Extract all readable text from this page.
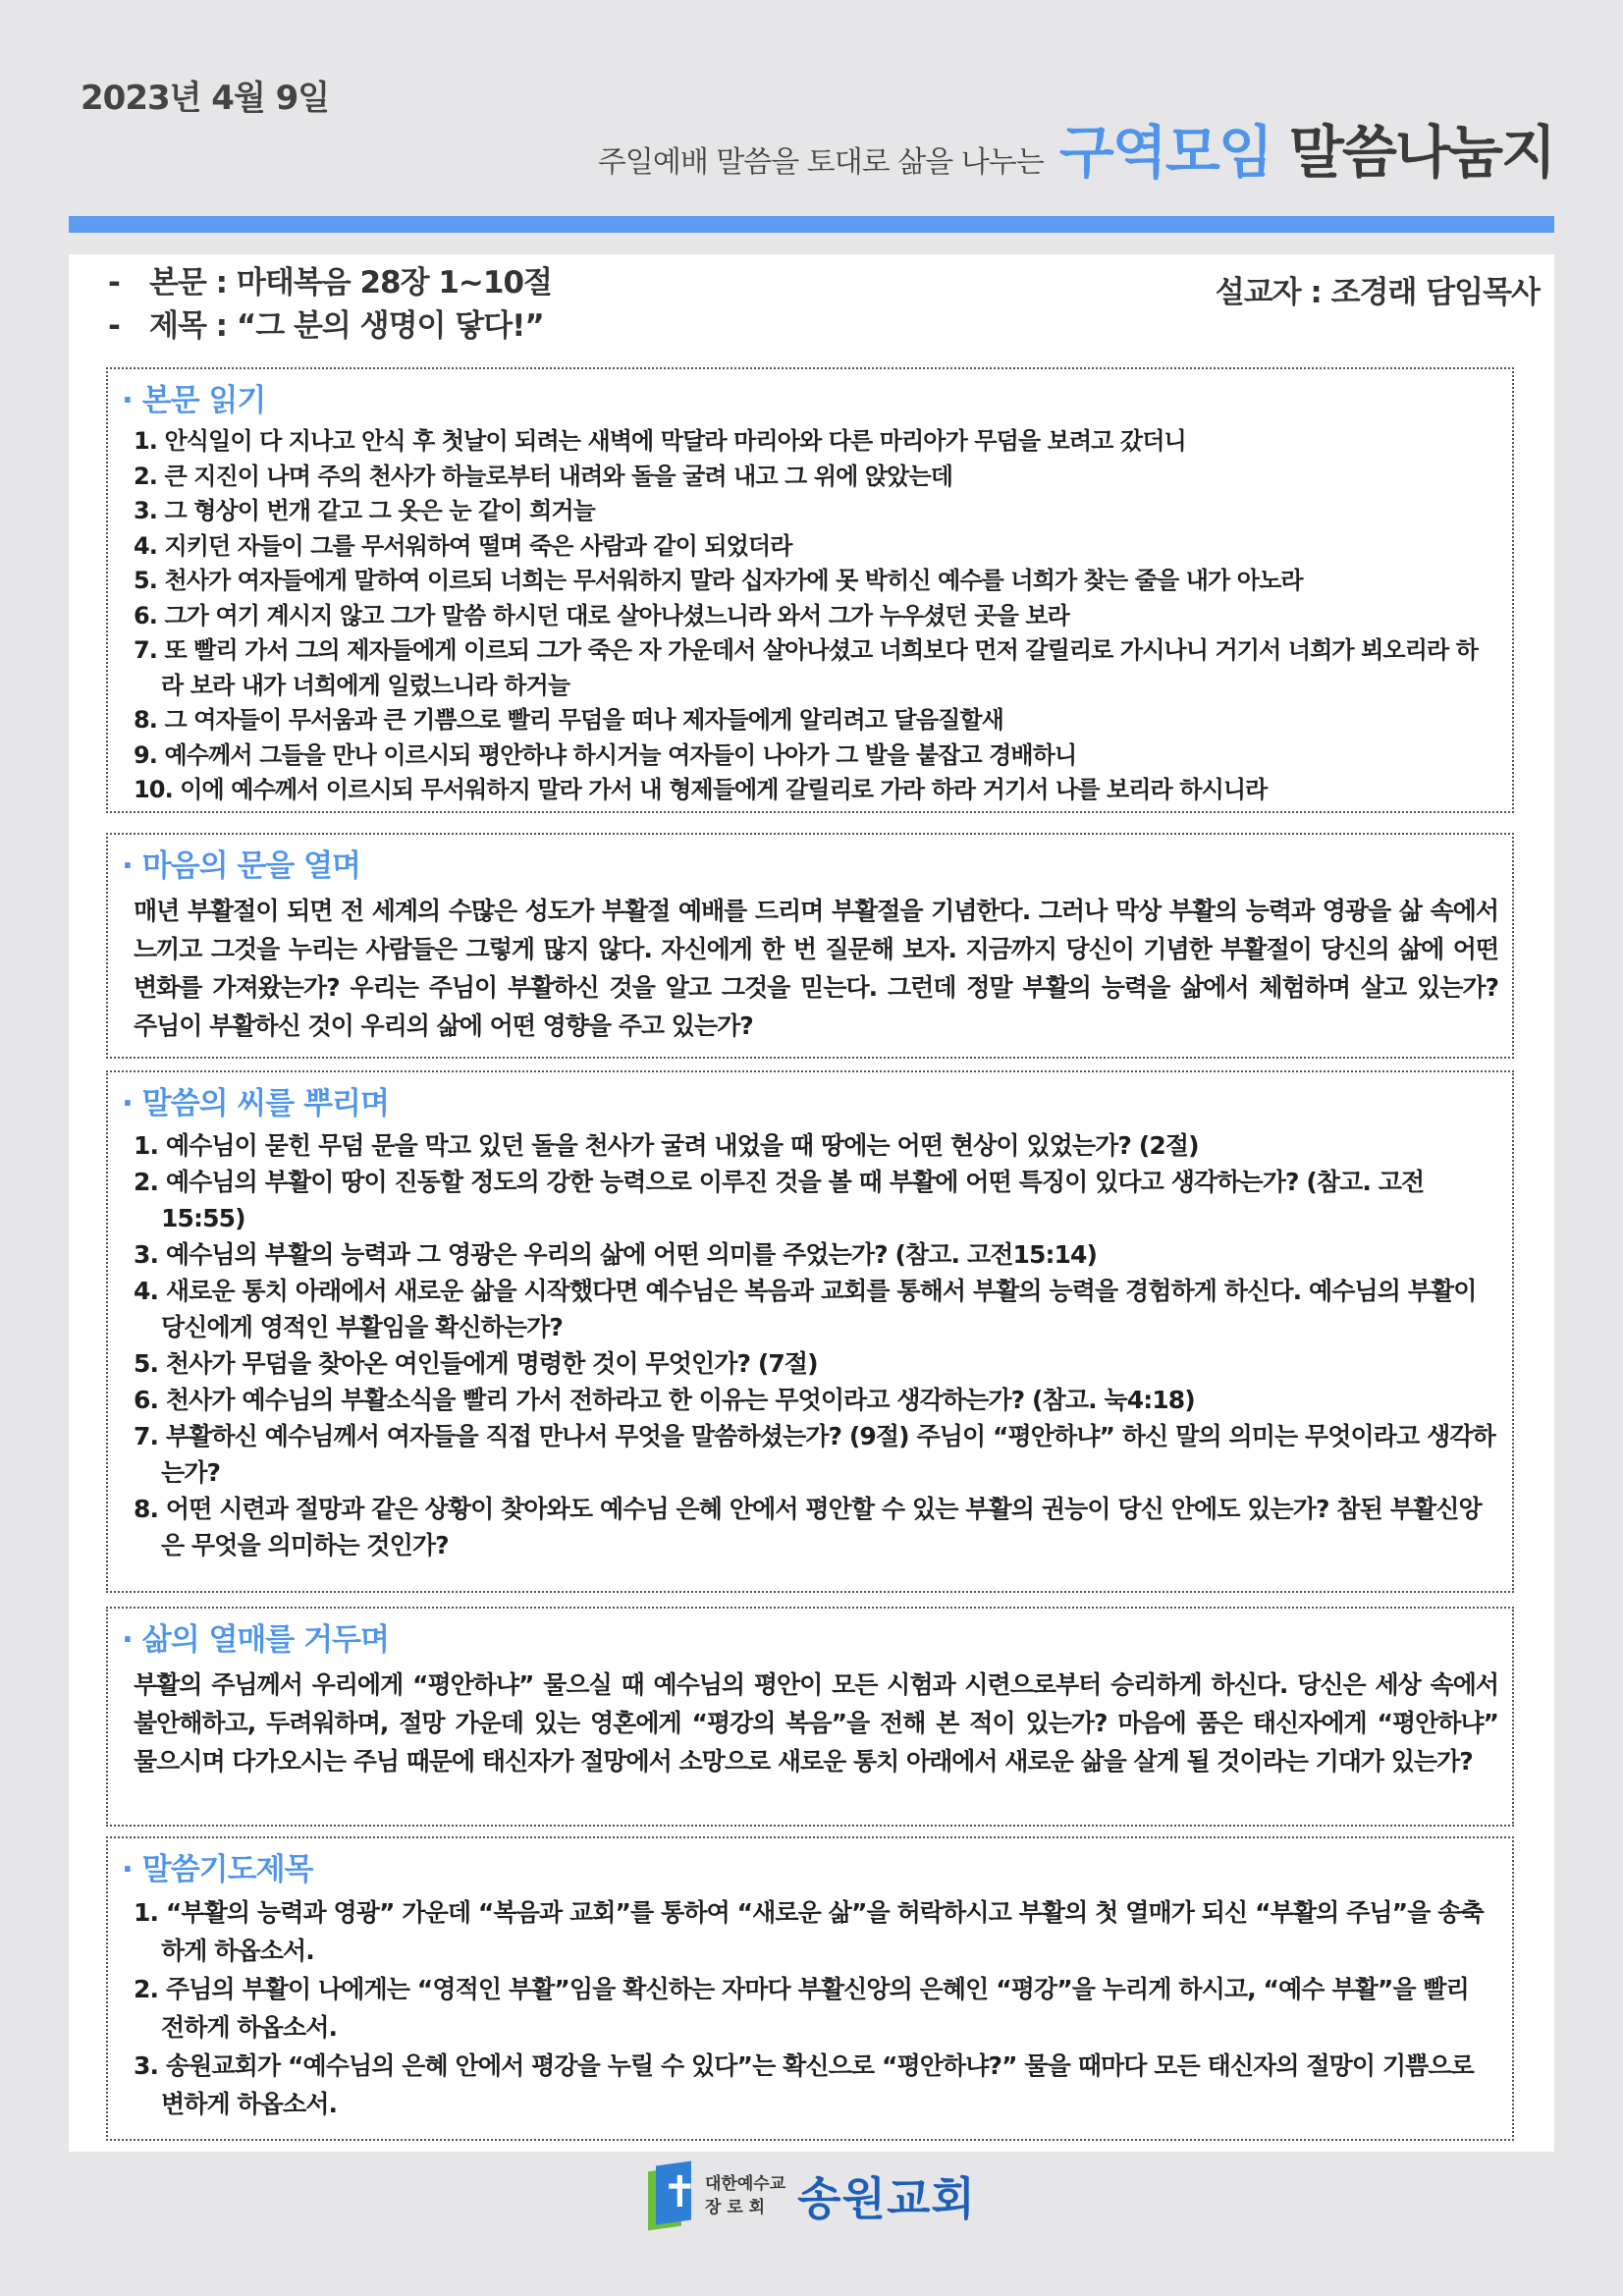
2023년 4월 9일
주일예배 말씀을 토대로 삶을 나누는 구역모임 말씀나눔지
- 본문 : 마태복음 28장 1~10절
- 제목 : “그 분의 생명이 닿다!”
설교자 : 조경래 담임목사
· 본문 읽기
1. 안식일이 다 지나고 안식 후 첫날이 되려는 새벽에 막달라 마리아와 다른 마리아가 무덤을 보려고 갔더니
2. 큰 지진이 나며 주의 천사가 하늘로부터 내려와 돌을 굴려 내고 그 위에 앉았는데
3. 그 형상이 번개 같고 그 옷은 눈 같이 희거늘
4. 지키던 자들이 그를 무서워하여 떨며 죽은 사람과 같이 되었더라
5. 천사가 여자들에게 말하여 이르되 너희는 무서워하지 말라 십자가에 못 박히신 예수를 너희가 찾는 줄을 내가 아노라
6. 그가 여기 계시지 않고 그가 말씀 하시던 대로 살아나셨느니라 와서 그가 누우셨던 곳을 보라
7. 또 빨리 가서 그의 제자들에게 이르되 그가 죽은 자 가운데서 살아나셨고 너희보다 먼저 갈릴리로 가시나니 거기서 너희가 뵈오리라 하라 보라 내가 너희에게 일렀느니라 하거늘
8. 그 여자들이 무서움과 큰 기쁨으로 빨리 무덤을 떠나 제자들에게 알리려고 달음질할새
9. 예수께서 그들을 만나 이르시되 평안하냐 하시거늘 여자들이 나아가 그 발을 붙잡고 경배하니
10. 이에 예수께서 이르시되 무서워하지 말라 가서 내 형제들에게 갈릴리로 가라 하라 거기서 나를 보리라 하시니라
· 마음의 문을 열며

매년 부활절이 되면 전 세계의 수많은 성도가 부활절 예배를 드리며 부활절을 기념한다. 그러나 막상 부활의 능력과 영광을 삶 속에서 느끼고 그것을 누리는 사람들은 그렇게 많지 않다. 자신에게 한 번 질문해 보자. 지금까지 당신이 기념한 부활절이 당신의 삶에 어떤 변화를 가져왔는가? 우리는 주님이 부활하신 것을 알고 그것을 믿는다. 그런데 정말 부활의 능력을 삶에서 체험하며 살고 있는가? 주님이 부활하신 것이 우리의 삶에 어떤 영향을 주고 있는가?

· 말씀의 씨를 뿌리며
1. 예수님이 묻힌 무덤 문을 막고 있던 돌을 천사가 굴려 내었을 때 땅에는 어떤 현상이 있었는가? (2절)
2. 예수님의 부활이 땅이 진동할 정도의 강한 능력으로 이루진 것을 볼 때 부활에 어떤 특징이 있다고 생각하는가? (참고. 고전15:55)
3. 예수님의 부활의 능력과 그 영광은 우리의 삶에 어떤 의미를 주었는가? (참고. 고전15:14)
4. 새로운 통치 아래에서 새로운 삶을 시작했다면 예수님은 복음과 교회를 통해서 부활의 능력을 경험하게 하신다. 예수님의 부활이 당신에게 영적인 부활임을 확신하는가?
5. 천사가 무덤을 찾아온 여인들에게 명령한 것이 무엇인가? (7절)
6. 천사가 예수님의 부활소식을 빨리 가서 전하라고 한 이유는 무엇이라고 생각하는가? (참고. 눅4:18)
7. 부활하신 예수님께서 여자들을 직접 만나서 무엇을 말씀하셨는가? (9절) 주님이 “평안하냐” 하신 말의 의미는 무엇이라고 생각하는가?
8. 어떤 시련과 절망과 같은 상황이 찾아와도 예수님 은혜 안에서 평안할 수 있는 부활의 권능이 당신 안에도 있는가? 참된 부활신앙은 무엇을 의미하는 것인가?
· 삶의 열매를 거두며

부활의 주님께서 우리에게 “평안하냐” 물으실 때 예수님의 평안이 모든 시험과 시련으로부터 승리하게 하신다. 당신은 세상 속에서 불안해하고, 두려워하며, 절망 가운데 있는 영혼에게 “평강의 복음”을 전해 본 적이 있는가? 마음에 품은 태신자에게 “평안하냐” 물으시며 다가오시는 주님 때문에 태신자가 절망에서 소망으로 새로운 통치 아래에서 새로운 삶을 살게 될 것이라는 기대가 있는가?

· 말씀기도제목
1. “부활의 능력과 영광” 가운데 “복음과 교회”를 통하여 “새로운 삶”을 허락하시고 부활의 첫 열매가 되신 “부활의 주님”을 송축하게 하옵소서.
2. 주님의 부활이 나에게는 “영적인 부활”임을 확신하는 자마다 부활신앙의 은혜인 “평강”을 누리게 하시고, “예수 부활”을 빨리 전하게 하옵소서.
3. 송원교회가 “예수님의 은혜 안에서 평강을 누릴 수 있다”는 확신으로 “평안하냐?” 물을 때마다 모든 태신자의 절망이 기쁨으로 변하게 하옵소서.
✝ 대한예수교
장 로 회 송원교회
